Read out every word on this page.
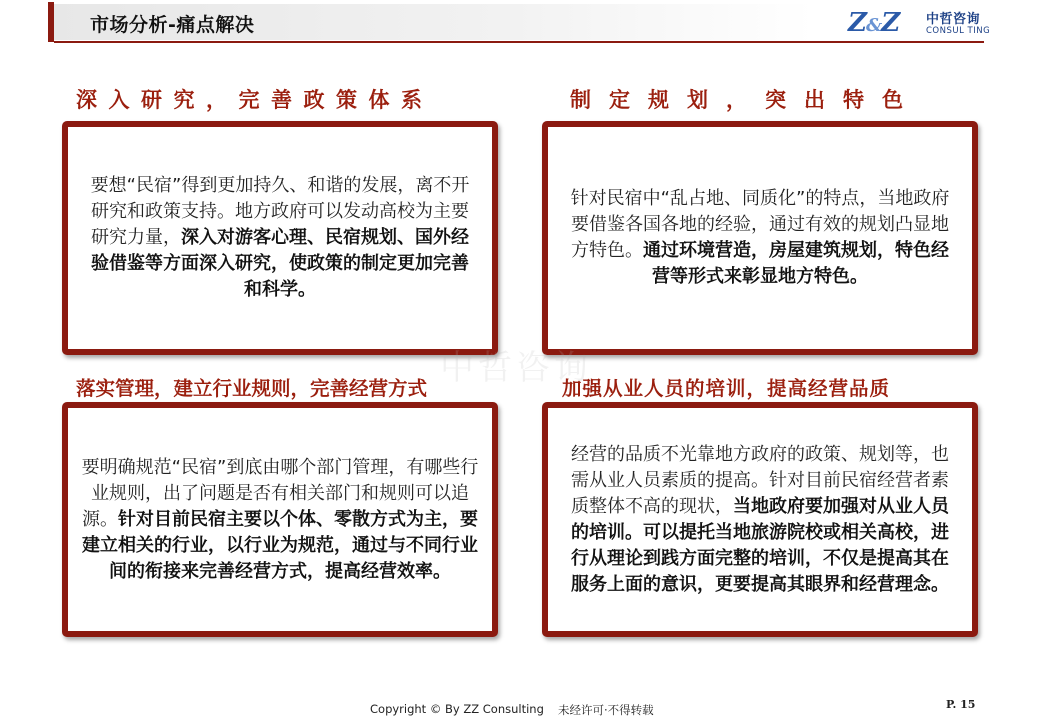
市场分析-痛点解决	Z&Z 中哲咨询
CONSUL TING
深入研究，完善政策体系

要想“民宿”得到更加持久、和谐的发展，离不开研究和政策支持。地方政府可以发动高校为主要研究力量，深入对游客心理、民宿规划、国外经验借鉴等方面深入研究，使政策的制定更加完善和科学。

制定规划，突出特色

针对民宿中“乱占地、同质化”的特点，当地政府要借鉴各国各地的经验，通过有效的规划凸显地方特色。通过环境营造，房屋建筑规划，特色经营等形式来彰显地方特色。

中哲咨询
落实管理，建立行业规则，完善经营方式

要明确规范“民宿”到底由哪个部门管理，有哪些行业规则，出了问题是否有相关部门和规则可以追源。针对目前民宿主要以个体、零散方式为主，要建立相关的行业，以行业为规范，通过与不同行业间的衔接来完善经营方式，提高经营效率。

加强从业人员的培训，提高经营品质

经营的品质不光靠地方政府的政策、规划等，也需从业人员素质的提高。针对目前民宿经营者素质整体不高的现状，当地政府要加强对从业人员的培训。可以提托当地旅游院校或相关高校，进行从理论到践方面完整的培训，不仅是提高其在服务上面的意识，更要提高其眼界和经营理念。

Copyright © By ZZ Consulting 未经许可·不得转载	P. 15
